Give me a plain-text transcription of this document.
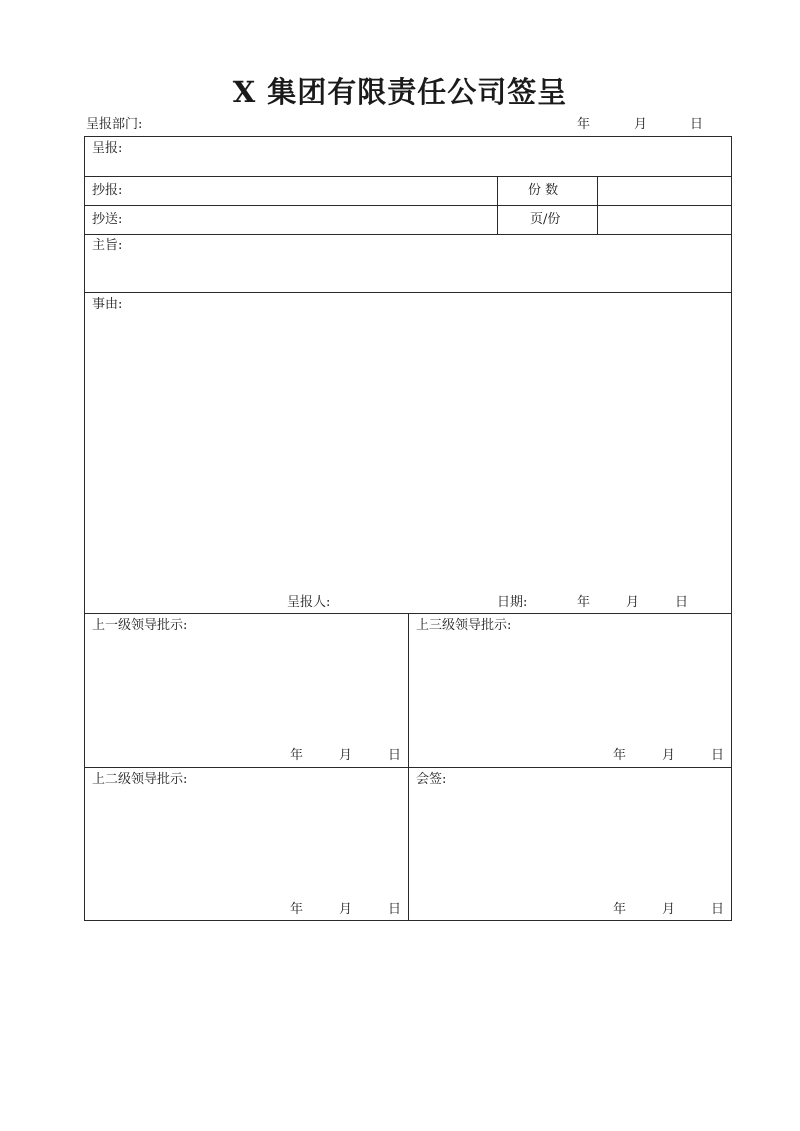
X 集团有限责任公司签呈
呈报部门:	年	月	日
呈报:
抄报:	份 数
抄送:	页/份
主旨:
事由:
呈报人:	日期:	年	月	日
上一级领导批示:
年	月	日
上三级领导批示:
年	月	日
上二级领导批示:
年	月	日
会签:
年	月	日
